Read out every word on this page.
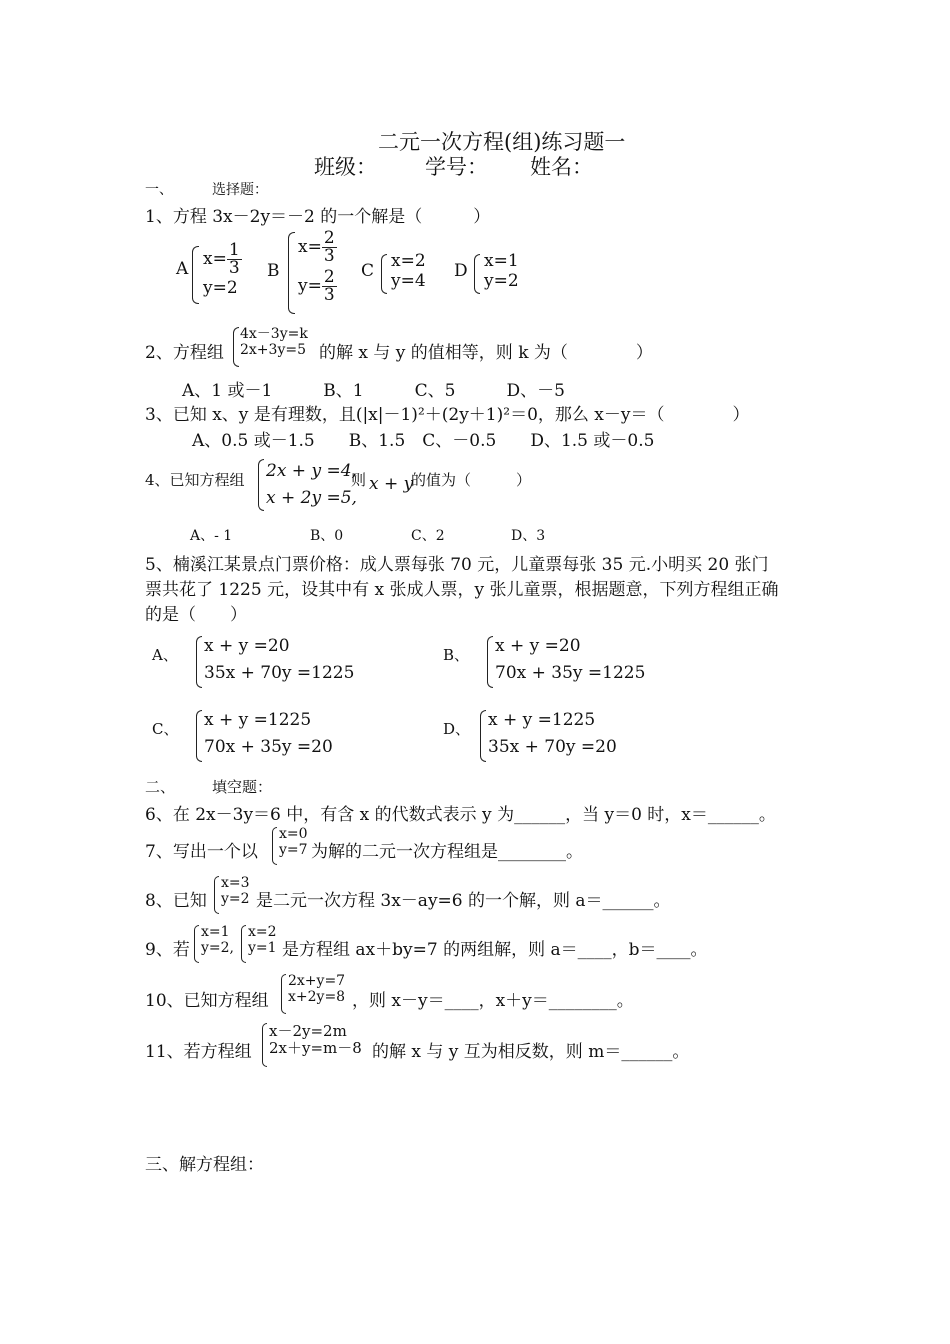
二元一次方程(组)练习题一
班级： 学号： 姓名：
一、	选择题：
1、方程 3x－2y＝－2 的一个解是（　　　）
A $x= \frac{1}{3}$
y=2
B
$x= \frac{2}{3}$
$y= \frac{2}{3}$ C x=2
y=4 D x=1
y=2
2、方程组
4x－3y=k
2x+3y=5 的解 x 与 y 的值相等，则 k 为（　　　　）
A、1 或－1　　　B、1　　　C、5　　　D、－5
3、已知 x、y 是有理数，且(|x|－1)²＋(2y＋1)²＝0，那么 x－y＝（　　　　）
A、0.5 或－1.5　　B、1.5　C、－0.5　　D、1.5 或－0.5
4、已知方程组 2x + y =4,
x + 2y =5,
则 x + y
的值为（　　　）
A、- 1	B、0	C、2	D、3
5、楠溪江某景点门票价格：成人票每张 70 元，儿童票每张 35 元.小明买 20 张门
票共花了 1225 元，设其中有 x 张成人票，y 张儿童票，根据题意，下列方程组正确
的是（　　）
A、 x + y =20
35x + 70y =1225
B、 x + y =20
70x + 35y =1225
C、 x + y =1225
70x + 35y =20
D、 x + y =1225
35x + 70y =20
二、 填空题：
6、在 2x－3y＝6 中，有含 x 的代数式表示 y 为______，当 y＝0 时，x＝______。
7、写出一个以
x=0
y=7 为解的二元一次方程组是________。
8、已知
x=3
y=2 是二元一次方程 3x－ay=6 的一个解，则 a＝______。
9、若
x=1
y=2,
x=2
y=1 是方程组 ax＋by=7 的两组解，则 a＝____，b＝____。
10、已知方程组
2x+y=7
x+2y=8 ，则 x－y＝____，x＋y＝________。
11、若方程组
x－2y=2m
2x＋y=m－8 的解 x 与 y 互为相反数，则 m＝______。
三、解方程组：
